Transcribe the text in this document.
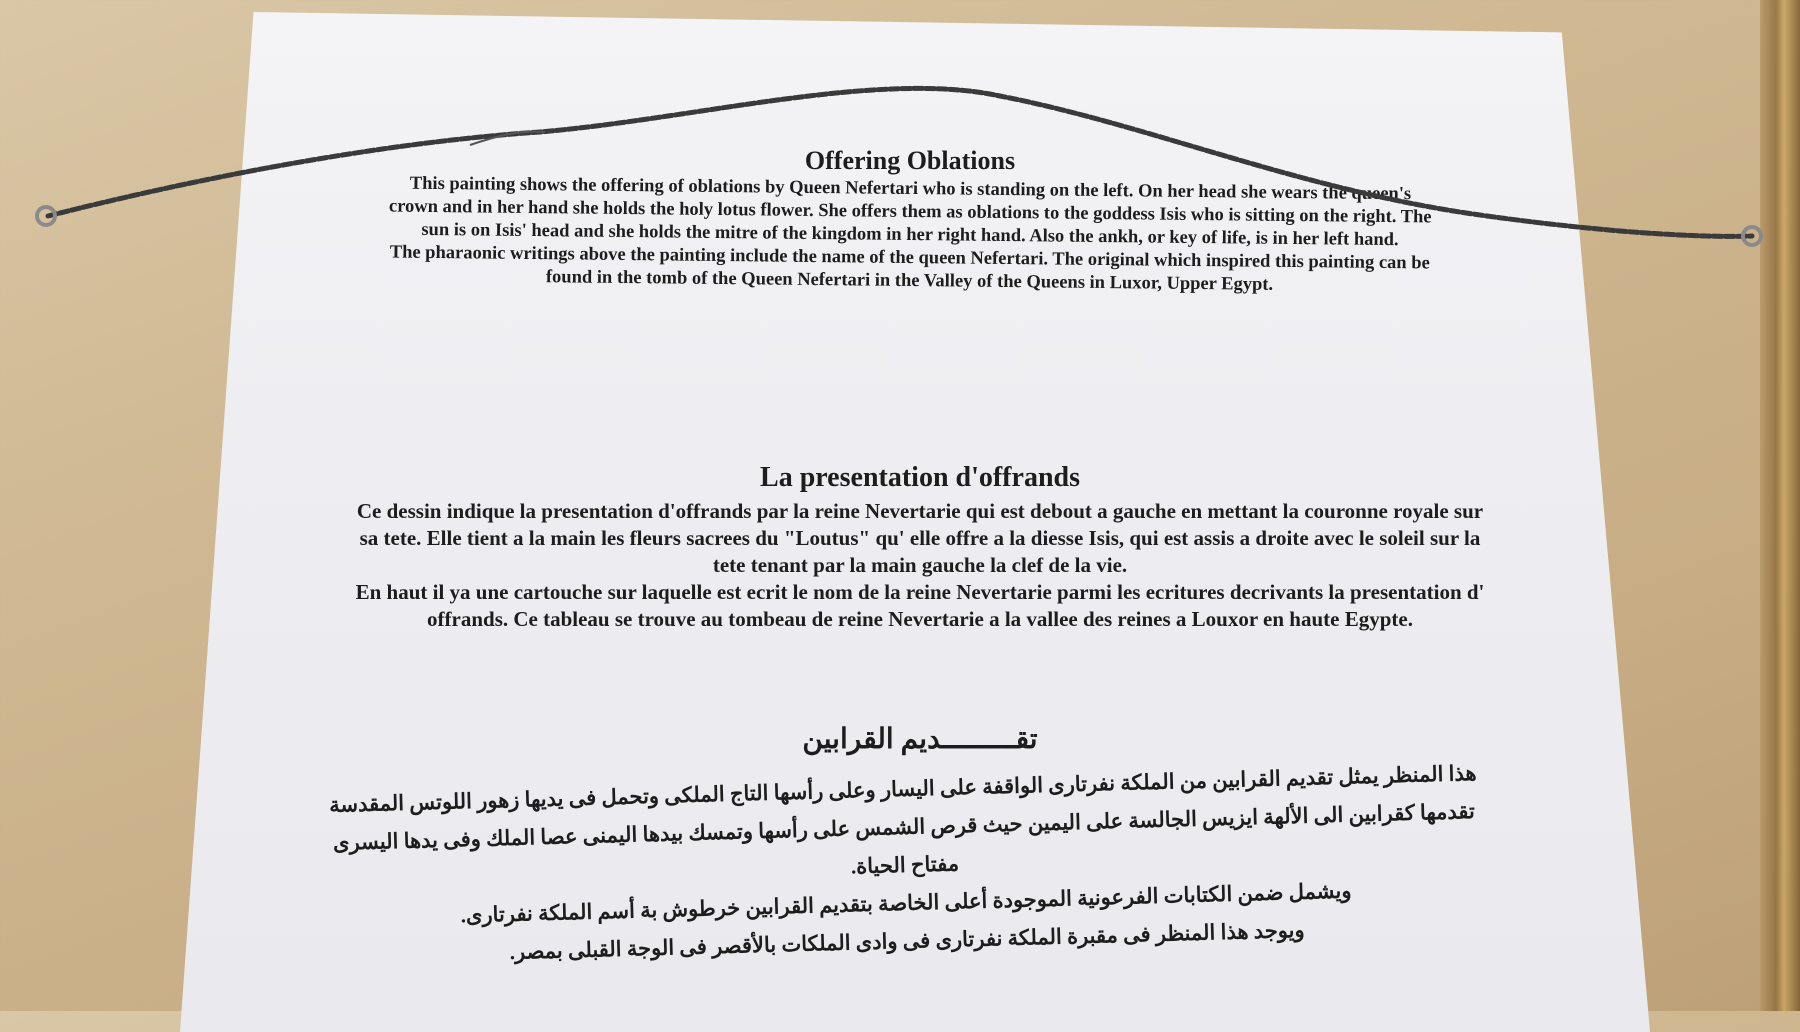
Offering Oblations

This painting shows the offering of oblations by Queen Nefertari who is standing on the left. On her head she wears the queen's crown and in her hand she holds the holy lotus flower. She offers them as oblations to the goddess Isis who is sitting on the right. The sun is on Isis' head and she holds the mitre of the kingdom in her right hand. Also the ankh, or key of life, is in her left hand.

The pharaonic writings above the painting include the name of the queen Nefertari. The original which inspired this painting can be found in the tomb of the Queen Nefertari in the Valley of the Queens in Luxor, Upper Egypt.

La presentation d'offrands

Ce dessin indique la presentation d'offrands par la reine Nevertarie qui est debout a gauche en mettant la couronne royale sur sa tete. Elle tient a la main les fleurs sacrees du "Loutus" qu' elle offre a la diesse Isis, qui est assis a droite avec le soleil sur la tete tenant par la main gauche la clef de la vie.

En haut il ya une cartouche sur laquelle est ecrit le nom de la reine Nevertarie parmi les ecritures decrivants la presentation d' offrands. Ce tableau se trouve au tombeau de reine Nevertarie a la vallee des reines a Louxor en haute Egypte.

تقـــــــــديم القرابين

هذا المنظر يمثل تقديم القرابين من الملكة نفرتارى الواقفة على اليسار وعلى رأسها التاج الملكى وتحمل فى يديها زهور اللوتس المقدسة تقدمها كقرابين الى الألهة ايزيس الجالسة على اليمين حيث قرص الشمس على رأسها وتمسك بيدها اليمنى عصا الملك وفى يدها اليسرى مفتاح الحياة.

ويشمل ضمن الكتابات الفرعونية الموجودة أعلى الخاصة بتقديم القرابين خرطوش بة أسم الملكة نفرتارى.

ويوجد هذا المنظر فى مقبرة الملكة نفرتارى فى وادى الملكات بالأقصر فى الوجة القبلى بمصر.
